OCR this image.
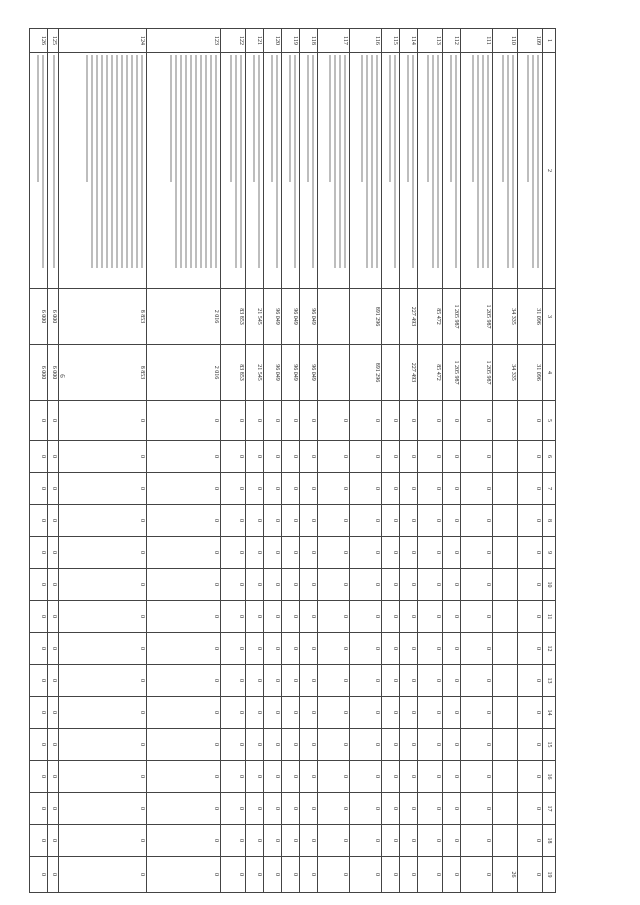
6
1	2	3	4	5	6	7	8	9	10	11	12	13	14	15	16	17	18	19
109		31 096	31 096	0	0	0	0	0	0	0	0	0	0	0	0	0	0	0
110		34 335	34 335															26
111		1 205 987	1 205 987	0	0	0	0	0	0	0	0	0	0	0	0	0	0	0
112		1 205 987	1 205 987	0	0	0	0	0	0	0	0	0	0	0	0	0	0	0
113		85 472	85 472	0	0	0	0	0	0	0	0	0	0	0	0	0	0	0
114		227 493	227 493	0	0	0	0	0	0	0	0	0	0	0	0	0	0	0
115				0	0	0	0	0	0	0	0	0	0	0	0	0	0	0
116		891 296	891 296	0	0	0	0	0	0	0	0	0	0	0	0	0	0	0
117				0	0	0	0	0	0	0	0	0	0	0	0	0	0	0
118		96 049	96 049	0	0	0	0	0	0	0	0	0	0	0	0	0	0	0
119		96 049	96 049	0	0	0	0	0	0	0	0	0	0	0	0	0	0	0
120		96 049	96 049	0	0	0	0	0	0	0	0	0	0	0	0	0	0	0
121		21 545	21 545	0	0	0	0	0	0	0	0	0	0	0	0	0	0	0
122		83 853	83 853	0	0	0	0	0	0	0	0	0	0	0	0	0	0	0
123		2 016	2 016	0	0	0	0	0	0	0	0	0	0	0	0	0	0	0
124		8 853	8 853	0	0	0	0	0	0	0	0	0	0	0	0	0	0	0
125		6 000	6 000	0	0	0	0	0	0	0	0	0	0	0	0	0	0	0
126		6 000	6 000	0	0	0	0	0	0	0	0	0	0	0	0	0	0	0
